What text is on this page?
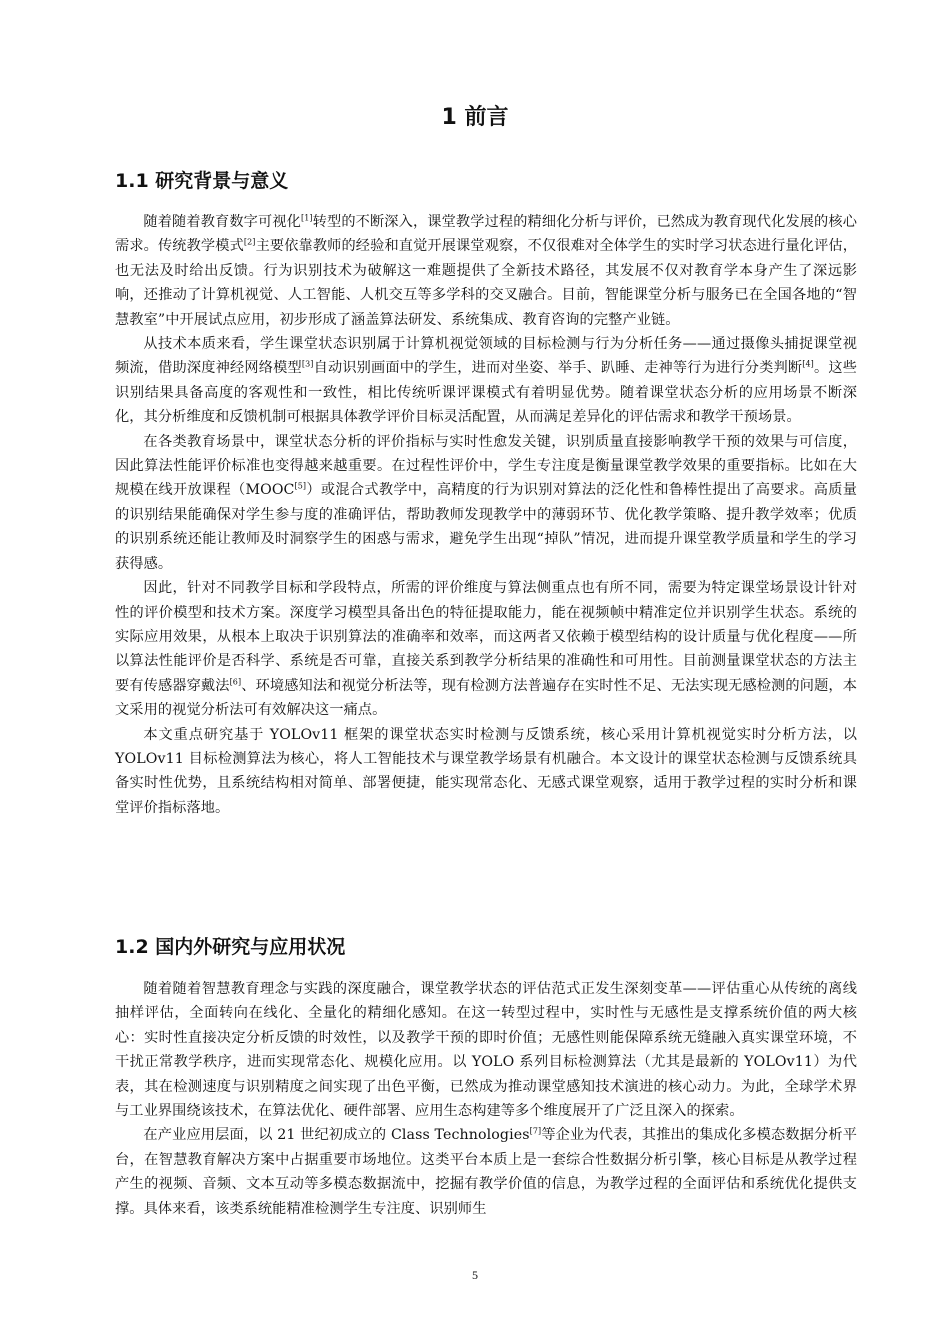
1 前言
1.1 研究背景与意义

随着随着教育数字可视化[1]转型的不断深入，课堂教学过程的精细化分析与评价，已然成为教育现代化发展的核心需求。传统教学模式[2]主要依靠教师的经验和直觉开展课堂观察，不仅很难对全体学生的实时学习状态进行量化评估，也无法及时给出反馈。行为识别技术为破解这一难题提供了全新技术路径，其发展不仅对教育学本身产生了深远影响，还推动了计算机视觉、人工智能、人机交互等多学科的交叉融合。目前，智能课堂分析与服务已在全国各地的“智慧教室”中开展试点应用，初步形成了涵盖算法研发、系统集成、教育咨询的完整产业链。

从技术本质来看，学生课堂状态识别属于计算机视觉领域的目标检测与行为分析任务——通过摄像头捕捉课堂视频流，借助深度神经网络模型[3]自动识别画面中的学生，进而对坐姿、举手、趴睡、走神等行为进行分类判断[4]。这些识别结果具备高度的客观性和一致性，相比传统听课评课模式有着明显优势。随着课堂状态分析的应用场景不断深化，其分析维度和反馈机制可根据具体教学评价目标灵活配置，从而满足差异化的评估需求和教学干预场景。

在各类教育场景中，课堂状态分析的评价指标与实时性愈发关键，识别质量直接影响教学干预的效果与可信度，因此算法性能评价标准也变得越来越重要。在过程性评价中，学生专注度是衡量课堂教学效果的重要指标。比如在大规模在线开放课程（MOOC[5]）或混合式教学中，高精度的行为识别对算法的泛化性和鲁棒性提出了高要求。高质量的识别结果能确保对学生参与度的准确评估，帮助教师发现教学中的薄弱环节、优化教学策略、提升教学效率；优质的识别系统还能让教师及时洞察学生的困惑与需求，避免学生出现“掉队”情况，进而提升课堂教学质量和学生的学习获得感。

因此，针对不同教学目标和学段特点，所需的评价维度与算法侧重点也有所不同，需要为特定课堂场景设计针对性的评价模型和技术方案。深度学习模型具备出色的特征提取能力，能在视频帧中精准定位并识别学生状态。系统的实际应用效果，从根本上取决于识别算法的准确率和效率，而这两者又依赖于模型结构的设计质量与优化程度——所以算法性能评价是否科学、系统是否可靠，直接关系到教学分析结果的准确性和可用性。目前测量课堂状态的方法主要有传感器穿戴法[6]、环境感知法和视觉分析法等，现有检测方法普遍存在实时性不足、无法实现无感检测的问题，本文采用的视觉分析法可有效解决这一痛点。

本文重点研究基于 YOLOv11 框架的课堂状态实时检测与反馈系统，核心采用计算机视觉实时分析方法，以 YOLOv11 目标检测算法为核心，将人工智能技术与课堂教学场景有机融合。本文设计的课堂状态检测与反馈系统具备实时性优势，且系统结构相对简单、部署便捷，能实现常态化、无感式课堂观察，适用于教学过程的实时分析和课堂评价指标落地。

1.2 国内外研究与应用状况

随着随着智慧教育理念与实践的深度融合，课堂教学状态的评估范式正发生深刻变革——评估重心从传统的离线抽样评估，全面转向在线化、全量化的精细化感知。在这一转型过程中，实时性与无感性是支撑系统价值的两大核心：实时性直接决定分析反馈的时效性，以及教学干预的即时价值；无感性则能保障系统无缝融入真实课堂环境，不干扰正常教学秩序，进而实现常态化、规模化应用。以 YOLO 系列目标检测算法（尤其是最新的 YOLOv11）为代表，其在检测速度与识别精度之间实现了出色平衡，已然成为推动课堂感知技术演进的核心动力。为此，全球学术界与工业界围绕该技术，在算法优化、硬件部署、应用生态构建等多个维度展开了广泛且深入的探索。

在产业应用层面，以 21 世纪初成立的 Class Technologies[7]等企业为代表，其推出的集成化多模态数据分析平台，在智慧教育解决方案中占据重要市场地位。这类平台本质上是一套综合性数据分析引擎，核心目标是从教学过程产生的视频、音频、文本互动等多模态数据流中，挖掘有教学价值的信息，为教学过程的全面评估和系统优化提供支撑。具体来看，该类系统能精准检测学生专注度、识别师生

5
